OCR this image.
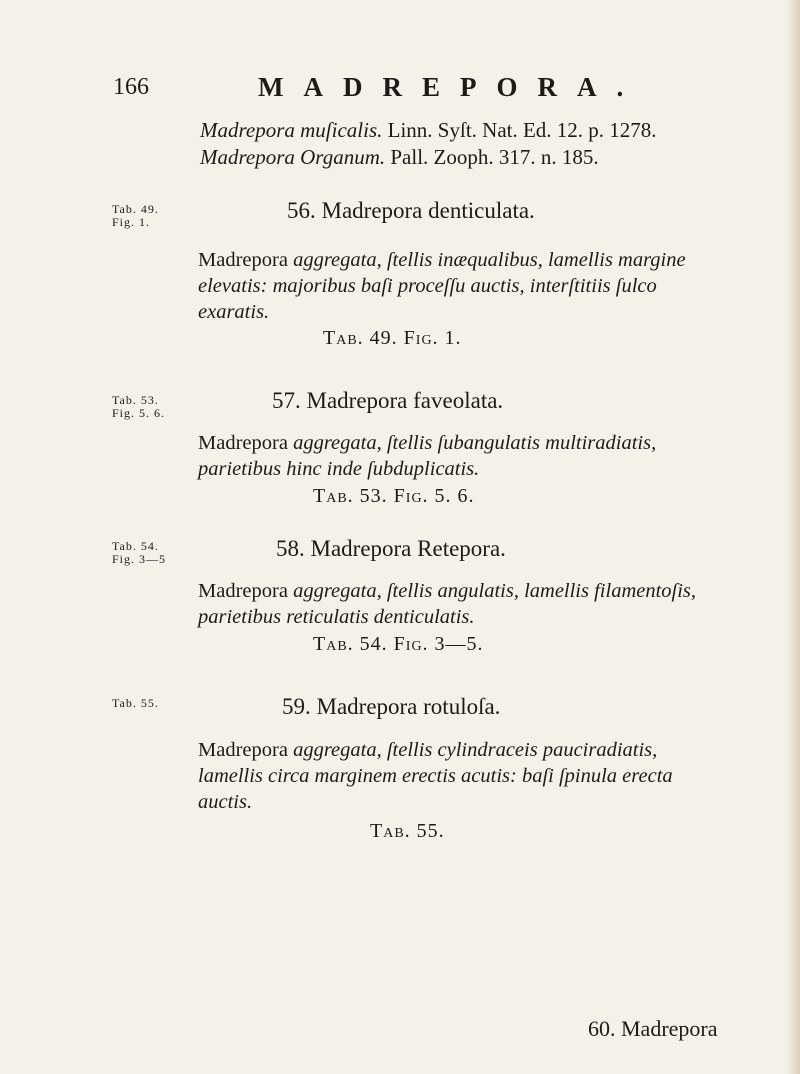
166	MADREPORA.
Madrepora muſicalis. Linn. Syſt. Nat. Ed. 12. p. 1278.
Madrepora Organum. Pall. Zooph. 317. n. 185.
Tab. 49.
Fig. 1.	56. Madrepora denticulata.
Madrepora aggregata, ſtellis inæqualibus, lamellis margine elevatis: majoribus baſi proceſſu auctis, interſtitiis ſulco exaratis.
Tab. 49. Fig. 1.
Tab. 53.
Fig. 5. 6.	57. Madrepora faveolata.
Madrepora aggregata, ſtellis ſubangulatis multiradiatis, parietibus hinc inde ſubduplicatis.
Tab. 53. Fig. 5. 6.
Tab. 54.
Fig. 3—5	58. Madrepora Retepora.
Madrepora aggregata, ſtellis angulatis, lamellis filamentoſis, parietibus reticulatis denticulatis.
Tab. 54. Fig. 3—5.
Tab. 55.	59. Madrepora rotuloſa.
Madrepora aggregata, ſtellis cylindraceis pauciradiatis, lamellis circa marginem erectis acutis: baſi ſpinula erecta auctis.
Tab. 55.
60. Madrepora
